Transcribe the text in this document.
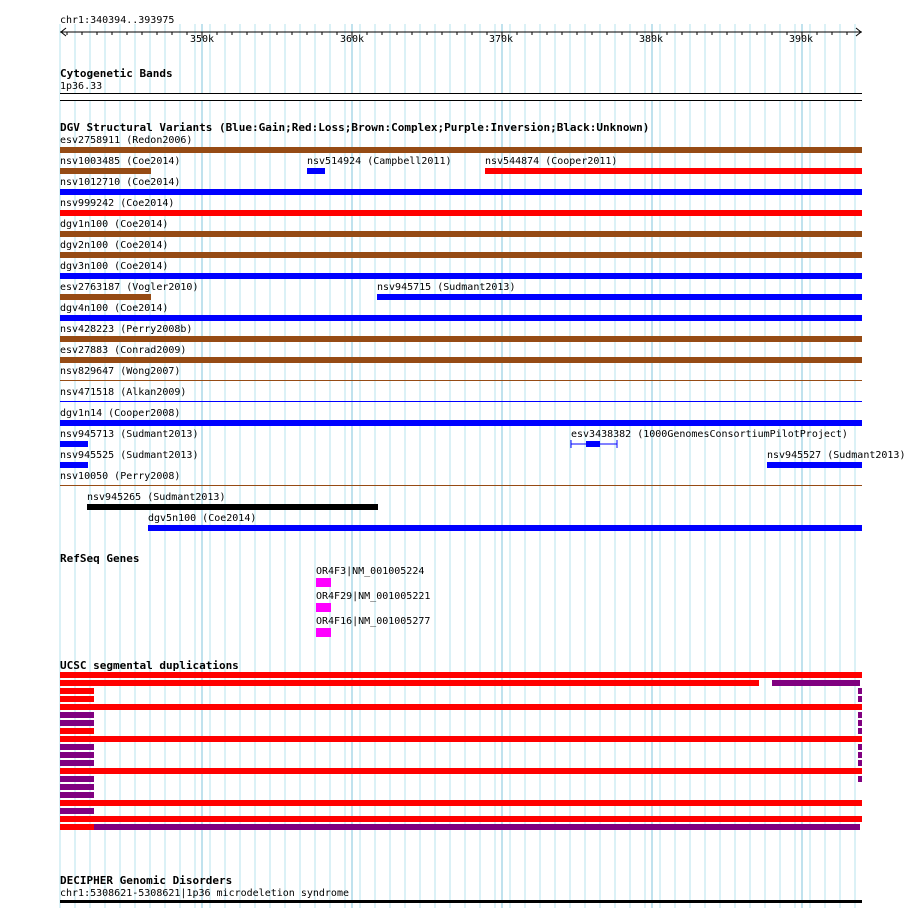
chr1:340394..393975
350k	360k	370k	380k	390k
Cytogenetic Bands
1p36.33
DGV Structural Variants (Blue:Gain;Red:Loss;Brown:Complex;Purple:Inversion;Black:Unknown)
esv2758911 (Redon2006)
nsv1003485 (Coe2014)	nsv514924 (Campbell2011)	nsv544874 (Cooper2011)
nsv1012710 (Coe2014)
nsv999242 (Coe2014)
dgv1n100 (Coe2014)
dgv2n100 (Coe2014)
dgv3n100 (Coe2014)
esv2763187 (Vogler2010)	nsv945715 (Sudmant2013)
dgv4n100 (Coe2014)
nsv428223 (Perry2008b)
esv27883 (Conrad2009)
nsv829647 (Wong2007)
nsv471518 (Alkan2009)
dgv1n14 (Cooper2008)
nsv945713 (Sudmant2013)	esv3438382 (1000GenomesConsortiumPilotProject)
nsv945525 (Sudmant2013)	nsv945527 (Sudmant2013)
nsv10050 (Perry2008)
nsv945265 (Sudmant2013)
dgv5n100 (Coe2014)
RefSeq Genes
OR4F3|NM_001005224
OR4F29|NM_001005221
OR4F16|NM_001005277
UCSC segmental duplications
DECIPHER Genomic Disorders
chr1:5308621-5308621|1p36 microdeletion syndrome
